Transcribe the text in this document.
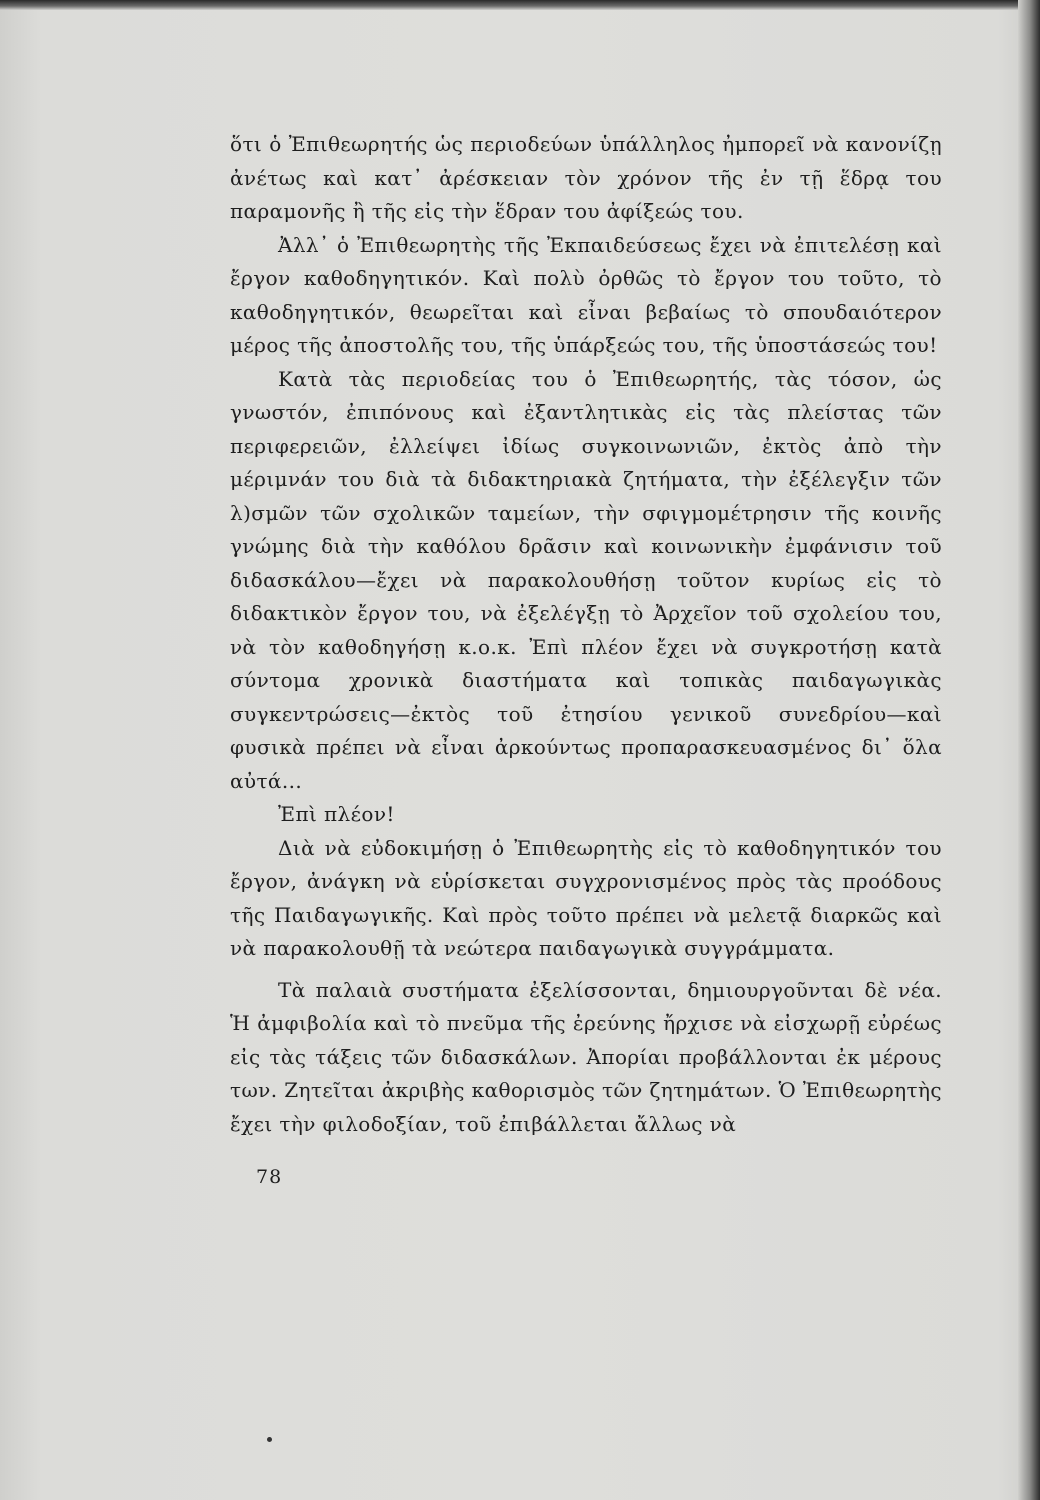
ὅτι ὁ Ἐπιθεωρητής ὡς περιοδεύων ὑπάλληλος ἠμπορεῖ νὰ κανονίζῃ ἀνέτως καὶ κατ᾽ ἀρέσκειαν τὸν χρόνον τῆς ἐν τῇ ἕδρᾳ του παραμονῆς ἢ τῆς εἰς τὴν ἕδραν του ἀφίξεώς του.

Ἀλλ᾽ ὁ Ἐπιθεωρητὴς τῆς Ἐκπαιδεύσεως ἔχει νὰ ἐπιτελέσῃ καὶ ἔργον καθοδηγητικόν. Καὶ πολὺ ὀρθῶς τὸ ἔργον του τοῦτο, τὸ καθοδηγητικόν, θεωρεῖται καὶ εἶναι βεβαίως τὸ σπουδαιότερον μέρος τῆς ἀποστολῆς του, τῆς ὑπάρξεώς του, τῆς ὑποστάσεώς του!

Κατὰ τὰς περιοδείας του ὁ Ἐπιθεωρητής, τὰς τόσον, ὡς γνωστόν, ἐπιπόνους καὶ ἐξαντλητικὰς εἰς τὰς πλείστας τῶν περιφερειῶν, ἐλλείψει ἰδίως συγκοινωνιῶν, ἐκτὸς ἀπὸ τὴν μέριμνάν του διὰ τὰ διδακτηριακὰ ζητήματα, τὴν ἐξέλεγξιν τῶν λ)σμῶν τῶν σχολικῶν ταμείων, τὴν σφιγμομέτρησιν τῆς κοινῆς γνώμης διὰ τὴν καθόλου δρᾶσιν καὶ κοινωνικὴν ἐμφάνισιν τοῦ διδασκάλου—ἔχει νὰ παρακολουθήσῃ τοῦτον κυρίως εἰς τὸ διδακτικὸν ἔργον του, νὰ ἐξελέγξῃ τὸ Ἀρχεῖον τοῦ σχολείου του, νὰ τὸν καθοδηγήσῃ κ.ο.κ. Ἐπὶ πλέον ἔχει νὰ συγκροτήσῃ κατὰ σύντομα χρονικὰ διαστήματα καὶ τοπικὰς παιδαγωγικὰς συγκεντρώσεις—ἐκτὸς τοῦ ἐτησίου γενικοῦ συνεδρίου—καὶ φυσικὰ πρέπει νὰ εἶναι ἀρκούντως προπαρασκευασμένος δι᾽ ὅλα αὐτά...

Ἐπὶ πλέον!

Διὰ νὰ εὐδοκιμήσῃ ὁ Ἐπιθεωρητὴς εἰς τὸ καθοδηγητικόν του ἔργον, ἀνάγκη νὰ εὑρίσκεται συγχρονισμένος πρὸς τὰς προόδους τῆς Παιδαγωγικῆς. Καὶ πρὸς τοῦτο πρέπει νὰ μελετᾷ διαρκῶς καὶ νὰ παρακολουθῇ τὰ νεώτερα παιδαγωγικὰ συγγράμματα.

Τὰ παλαιὰ συστήματα ἐξελίσσονται, δημιουργοῦνται δὲ νέα. Ἡ ἀμφιβολία καὶ τὸ πνεῦμα τῆς ἐρεύνης ἤρχισε νὰ εἰσχωρῇ εὐρέως εἰς τὰς τάξεις τῶν διδασκάλων. Ἀπορίαι προβάλλονται ἐκ μέρους των. Ζητεῖται ἀκριβὴς καθορισμὸς τῶν ζητημάτων. Ὁ Ἐπιθεωρητὴς ἔχει τὴν φιλοδοξίαν, τοῦ ἐπιβάλλεται ἄλλως νὰ

78
